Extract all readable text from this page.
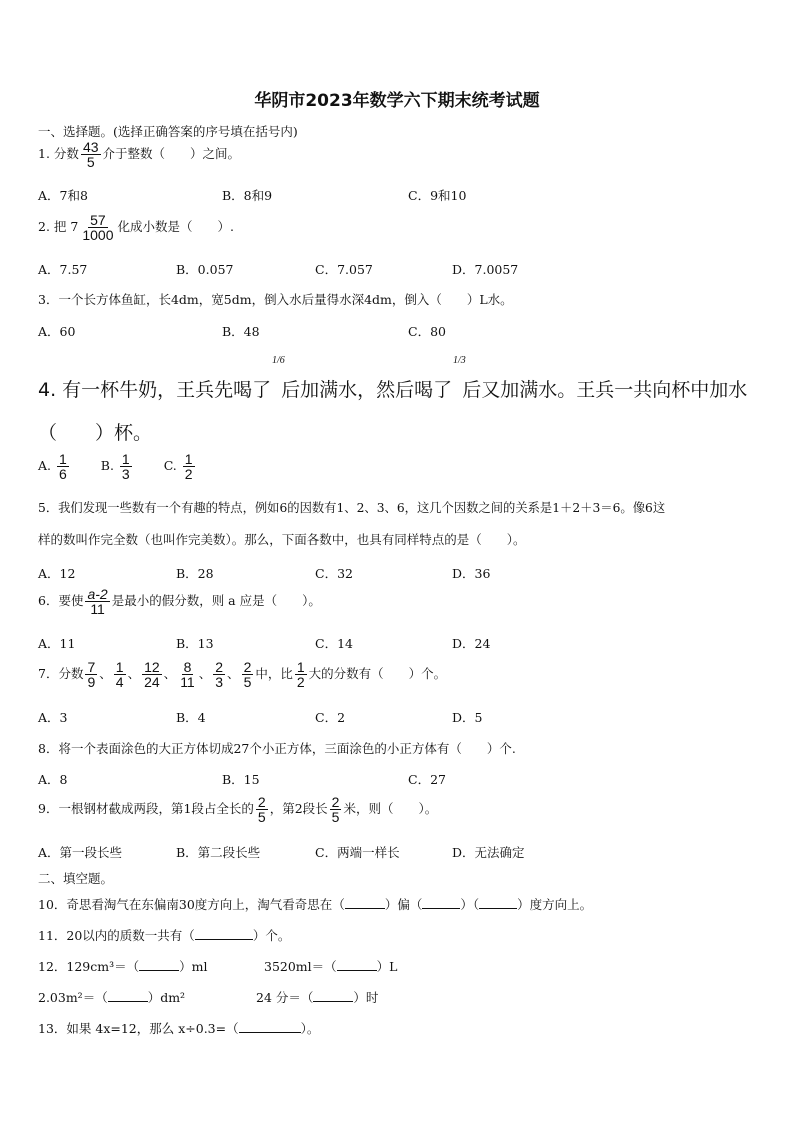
华阴市2023年数学六下期末统考试题
一、选择题。(选择正确答案的序号填在括号内)
1. 分数 $\frac{43}{5}$ 介于整数（　　）之间。
A．7和8	B．8和9	C．9和10
2. 把 $7 \frac{57}{1000}$ 化成小数是（　　）.
A．7.57	B．0.057	C．7.057	D．7.0057
3．一个长方体鱼缸，长4dm，宽5dm，倒入水后量得水深4dm，倒入（　　）L水。
A．60	B．48	C．80
4. 有一杯牛奶，王兵先喝了 后加满水，然后喝了 后又加满水。王兵一共向杯中加水
1/6	1/3
（　　）杯。
A. $\frac{1}{6}$	B. $\frac{1}{3}$	C. $\frac{1}{2}$
5．我们发现一些数有一个有趣的特点，例如6的因数有1、2、3、6，这几个因数之间的关系是1＋2＋3＝6。像6这
样的数叫作完全数（也叫作完美数）。那么，下面各数中，也具有同样特点的是（　　）。
A．12	B．28	C．32	D．36
6．要使 $\frac{a-2}{11}$ 是最小的假分数，则 a 应是（　　）。
A．11	B．13	C．14	D．24
7．分数 $\frac{7}{9}$ 、 $\frac{1}{4}$ 、 $\frac{12}{24}$ 、 $\frac{8}{11}$ 、 $\frac{2}{3}$ 、 $\frac{2}{5}$ 中，比 $\frac{1}{2}$ 大的分数有（　　）个。
A．3	B．4	C．2	D．5
8．将一个表面涂色的大正方体切成27个小正方体，三面涂色的小正方体有（　　）个.
A．8	B．15	C．27
9．一根钢材截成两段，第1段占全长的 $\frac{2}{5}$ ，第2段长 $\frac{2}{5}$ 米，则（　　）。
A．第一段长些	B．第二段长些	C．两端一样长	D．无法确定
二、填空题。
10．奇思看淘气在东偏南30度方向上，淘气看奇思在（	）偏（	）（	）度方向上。
11．20以内的质数一共有（	）个。
12．129cm³＝（	）ml	3520ml＝（	）L
2.03m²＝（	）dm²	24 分＝（	）时
13．如果 4x=12，那么 x÷0.3=（	）。
